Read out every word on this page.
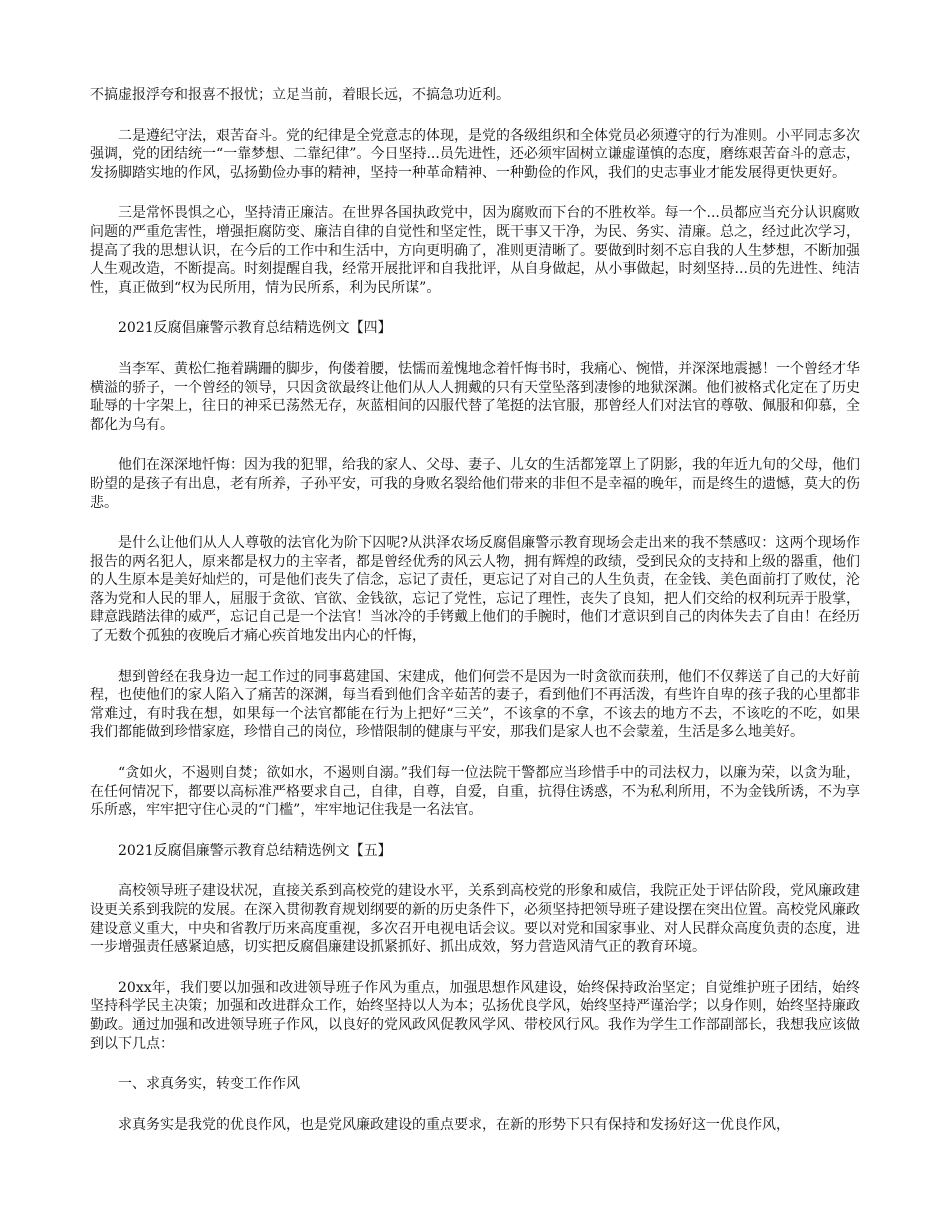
不搞虚报浮夸和报喜不报忧；立足当前，着眼长远，不搞急功近利。

二是遵纪守法，艰苦奋斗。党的纪律是全党意志的体现，是党的各级组织和全体党员必须遵守的行为准则。小平同志多次强调，党的团结统一“一靠梦想、二靠纪律”。今日坚持...员先进性，还必须牢固树立谦虚谨慎的态度，磨练艰苦奋斗的意志，发扬脚踏实地的作风，弘扬勤俭办事的精神，坚持一种革命精神、一种勤俭的作风，我们的史志事业才能发展得更快更好。

三是常怀畏惧之心，坚持清正廉洁。在世界各国执政党中，因为腐败而下台的不胜枚举。每一个...员都应当充分认识腐败问题的严重危害性，增强拒腐防变、廉洁自律的自觉性和坚定性，既干事又干净，为民、务实、清廉。总之，经过此次学习，提高了我的思想认识，在今后的工作中和生活中，方向更明确了，准则更清晰了。要做到时刻不忘自我的人生梦想，不断加强人生观改造，不断提高。时刻提醒自我，经常开展批评和自我批评，从自身做起，从小事做起，时刻坚持...员的先进性、纯洁性，真正做到“权为民所用，情为民所系，利为民所谋”。

2021反腐倡廉警示教育总结精选例文【四】

当李军、黄松仁拖着蹒跚的脚步，佝偻着腰，怯懦而羞愧地念着忏悔书时，我痛心、惋惜，并深深地震撼！一个曾经才华横溢的骄子，一个曾经的领导，只因贪欲最终让他们从人人拥戴的只有天堂坠落到凄惨的地狱深渊。他们被格式化定在了历史耻辱的十字架上，往日的神采已荡然无存，灰蓝相间的囚服代替了笔挺的法官服，那曾经人们对法官的尊敬、佩服和仰慕，全都化为乌有。

他们在深深地忏悔：因为我的犯罪，给我的家人、父母、妻子、儿女的生活都笼罩上了阴影，我的年近九旬的父母，他们盼望的是孩子有出息，老有所养，子孙平安，可我的身败名裂给他们带来的非但不是幸福的晚年，而是终生的遗憾，莫大的伤悲。

是什么让他们从人人尊敬的法官化为阶下囚呢?从洪泽农场反腐倡廉警示教育现场会走出来的我不禁感叹：这两个现场作报告的两名犯人，原来都是权力的主宰者，都是曾经优秀的风云人物，拥有辉煌的政绩，受到民众的支持和上级的器重，他们的人生原本是美好灿烂的，可是他们丧失了信念，忘记了责任，更忘记了对自己的人生负责，在金钱、美色面前打了败仗，沦落为党和人民的罪人，屈服于贪欲、官欲、金钱欲，忘记了党性，忘记了理性，丧失了良知，把人们交给的权利玩弄于股掌，肆意践踏法律的威严，忘记自己是一个法官！当冰冷的手铐戴上他们的手腕时，他们才意识到自己的肉体失去了自由！在经历了无数个孤独的夜晚后才痛心疾首地发出内心的忏悔，

想到曾经在我身边一起工作过的同事葛建国、宋建成，他们何尝不是因为一时贪欲而获刑，他们不仅葬送了自己的大好前程，也使他们的家人陷入了痛苦的深渊，每当看到他们含辛茹苦的妻子，看到他们不再活泼，有些许自卑的孩子我的心里都非常难过，有时我在想，如果每一个法官都能在行为上把好“三关”，不该拿的不拿，不该去的地方不去，不该吃的不吃，如果我们都能做到珍惜家庭，珍惜自己的岗位，珍惜限制的健康与平安，那我们是家人也不会蒙羞，生活是多么地美好。

“贪如火，不遏则自焚；欲如水，不遏则自溺。”我们每一位法院干警都应当珍惜手中的司法权力，以廉为荣，以贪为耻，在任何情况下，都要以高标准严格要求自己，自律，自尊，自爱，自重，抗得住诱惑，不为私利所用，不为金钱所诱，不为享乐所惑，牢牢把守住心灵的“门槛”，牢牢地记住我是一名法官。

2021反腐倡廉警示教育总结精选例文【五】

高校领导班子建设状况，直接关系到高校党的建设水平，关系到高校党的形象和威信，我院正处于评估阶段，党风廉政建设更关系到我院的发展。在深入贯彻教育规划纲要的新的历史条件下，必须坚持把领导班子建设摆在突出位置。高校党风廉政建设意义重大，中央和省教厅历来高度重视，多次召开电视电话会议。要以对党和国家事业、对人民群众高度负责的态度，进一步增强责任感紧迫感，切实把反腐倡廉建设抓紧抓好、抓出成效，努力营造风清气正的教育环境。

20xx年，我们要以加强和改进领导班子作风为重点，加强思想作风建设，始终保持政治坚定；自觉维护班子团结，始终坚持科学民主决策；加强和改进群众工作，始终坚持以人为本；弘扬优良学风，始终坚持严谨治学；以身作则，始终坚持廉政勤政。通过加强和改进领导班子作风，以良好的党风政风促教风学风、带校风行风。我作为学生工作部副部长，我想我应该做到以下几点：

一、求真务实，转变工作作风

求真务实是我党的优良作风，也是党风廉政建设的重点要求，在新的形势下只有保持和发扬好这一优良作风，
